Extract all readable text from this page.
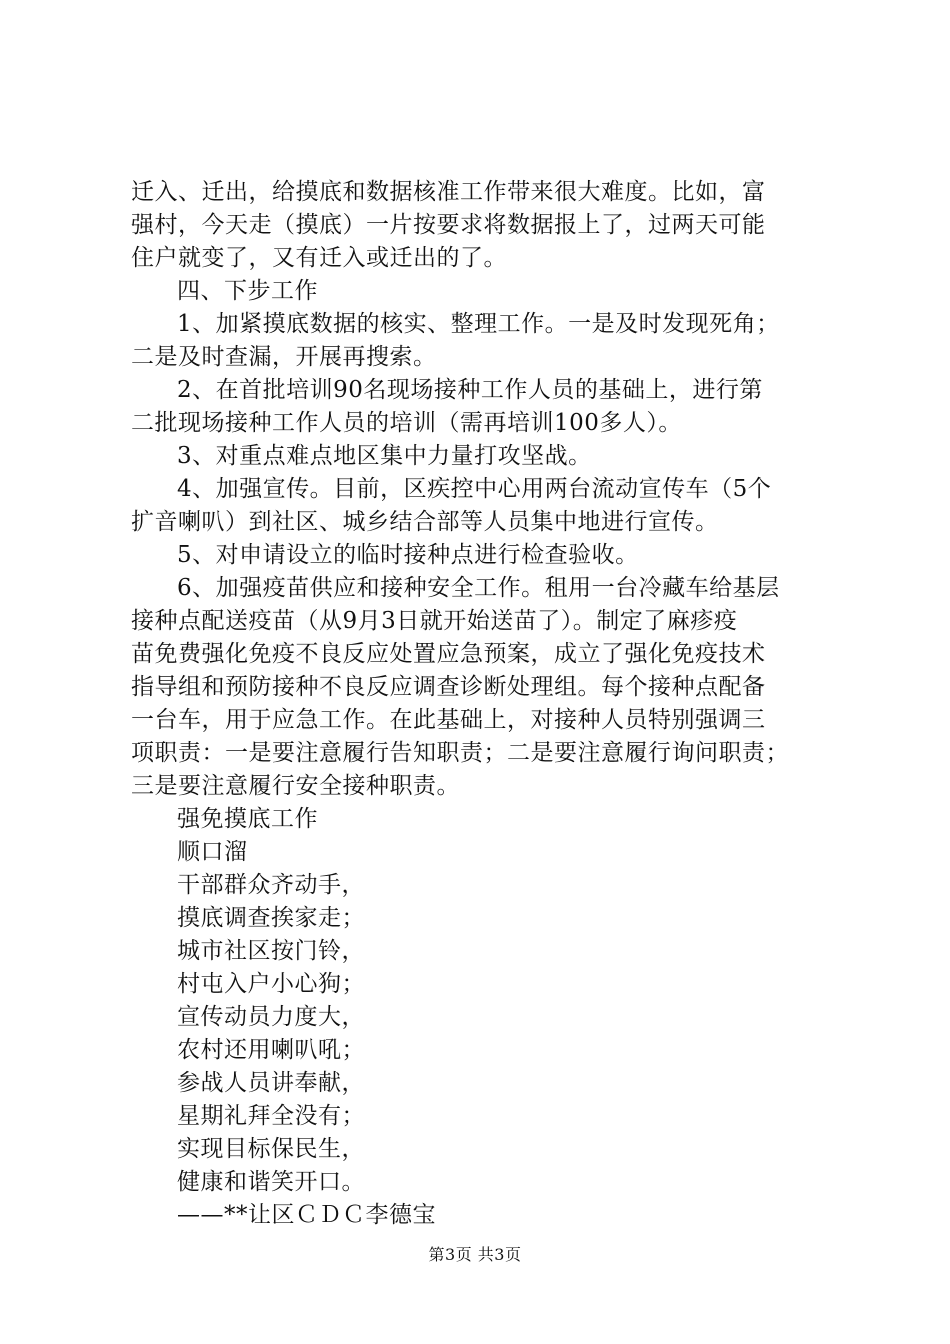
迁入、迁出，给摸底和数据核准工作带来很大难度。比如，富
强村，今天走（摸底）一片按要求将数据报上了，过两天可能
住户就变了，又有迁入或迁出的了。
四、下步工作
1、加紧摸底数据的核实、整理工作。一是及时发现死角；
二是及时查漏，开展再搜索。
2、在首批培训90名现场接种工作人员的基础上，进行第
二批现场接种工作人员的培训（需再培训100多人）。
3、对重点难点地区集中力量打攻坚战。
4、加强宣传。目前，区疾控中心用两台流动宣传车（5个
扩音喇叭）到社区、城乡结合部等人员集中地进行宣传。
5、对申请设立的临时接种点进行检查验收。
6、加强疫苗供应和接种安全工作。租用一台冷藏车给基层
接种点配送疫苗（从9月3日就开始送苗了）。制定了麻疹疫
苗免费强化免疫不良反应处置应急预案，成立了强化免疫技术
指导组和预防接种不良反应调查诊断处理组。每个接种点配备
一台车，用于应急工作。在此基础上，对接种人员特别强调三
项职责：一是要注意履行告知职责；二是要注意履行询问职责；
三是要注意履行安全接种职责。
强免摸底工作
顺口溜
干部群众齐动手，
摸底调查挨家走；
城市社区按门铃，
村屯入户小心狗；
宣传动员力度大，
农村还用喇叭吼；
参战人员讲奉献，
星期礼拜全没有；
实现目标保民生，
健康和谐笑开口。
——**让区ＣＤＣ李德宝
第3页 共3页
